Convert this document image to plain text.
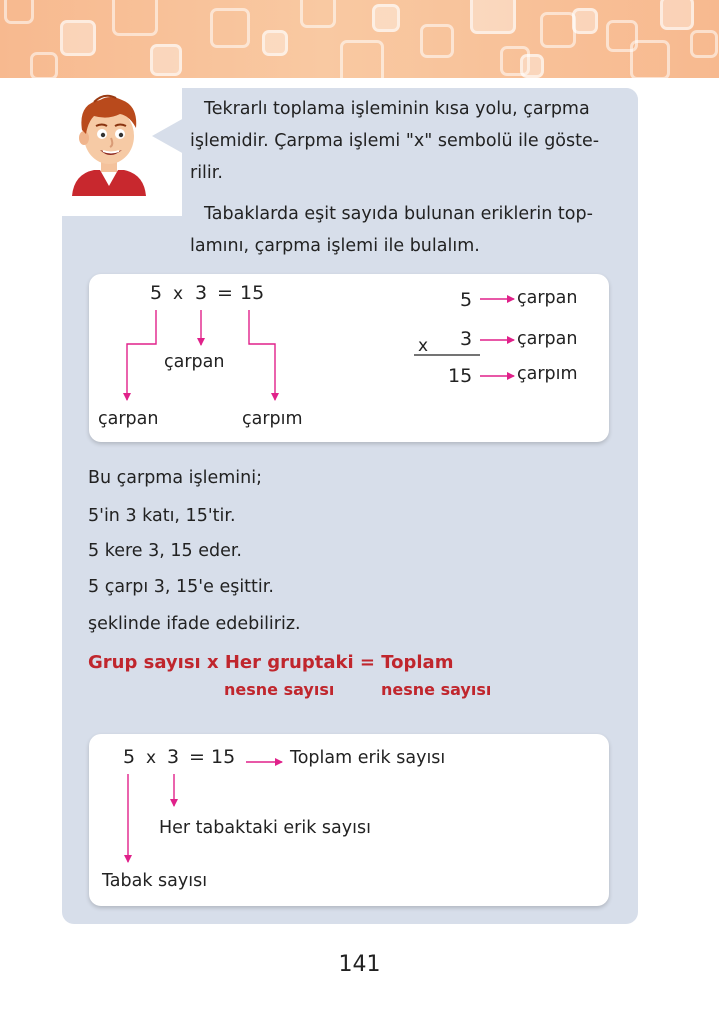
Tekrarlı toplama işleminin kısa yolu, çarpma
işlemidir. Çarpma işlemi "x" sembolü ile göste-
rilir.
Tabaklarda eşit sayıda bulunan eriklerin top-
lamını, çarpma işlemi ile bulalım.
5 x 3 = 15
çarpan
çarpan	çarpım
5
x 3
15
çarpan
çarpan
çarpım
Bu çarpma işlemini;
5'in 3 katı, 15'tir.
5 kere 3, 15 eder.
5 çarpı 3, 15'e eşittir.
şeklinde ifade edebiliriz.
Grup sayısı x Her gruptaki = Toplam
nesne sayısı	nesne sayısı
5 x 3 = 15	Toplam erik sayısı
Her tabaktaki erik sayısı
Tabak sayısı
141
